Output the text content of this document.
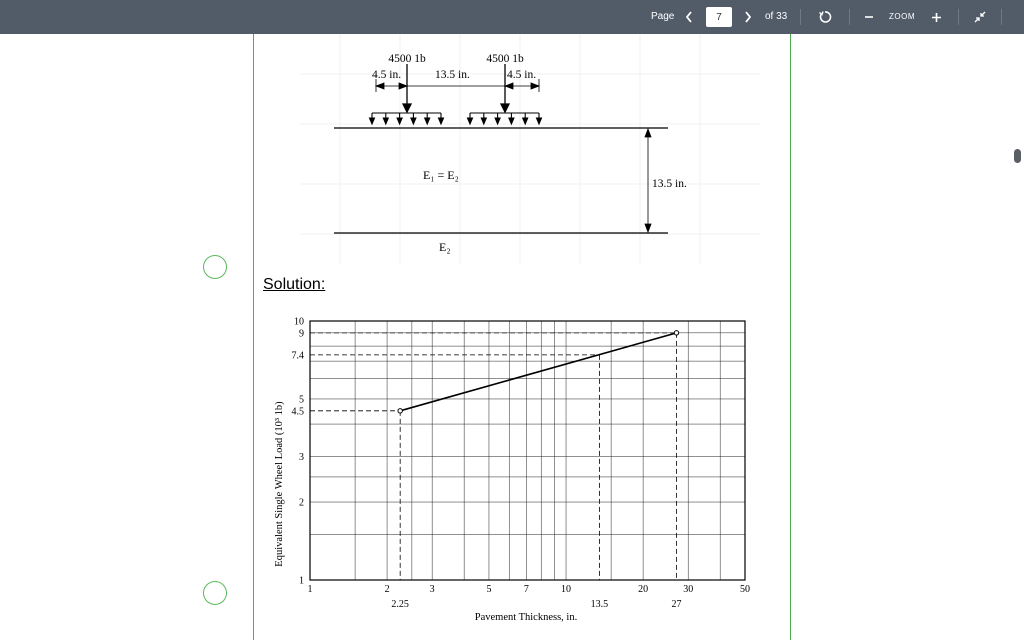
Page
7	of 33	ZOOM
4500 1b	4500 1b
4.5 in.	13.5 in.	4.5 in.
13.5 in.
E₁ = E₂
E₂
Solution:
1	2	3	5	7	10	20	30	50
2.25	13.5	27
1
2
3
4.5
5
7.4
9
10
Equivalent Single Wheel Load (10³ 1b)
Pavement Thickness, in.
